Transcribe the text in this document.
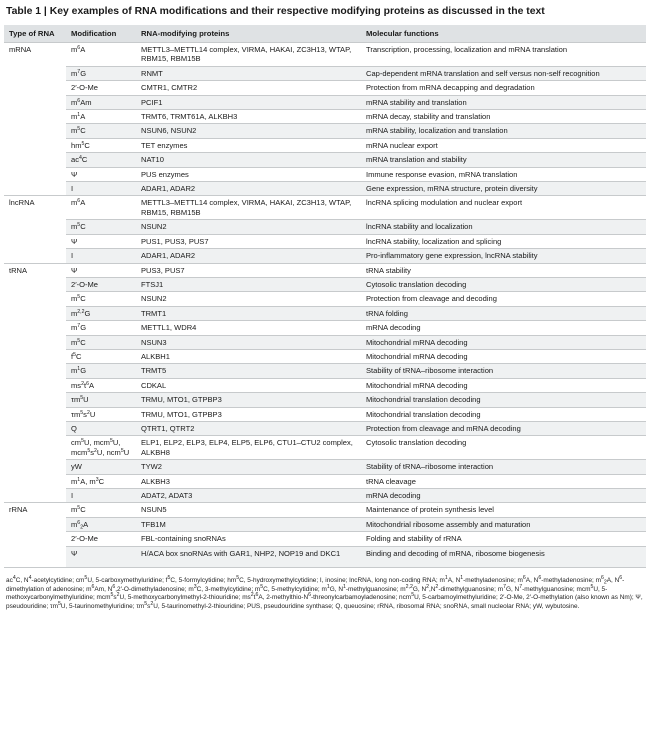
Table 1 | Key examples of RNA modifications and their respective modifying proteins as discussed in the text
Type of RNA	Modification	RNA-modifying proteins	Molecular functions
mRNA	$m^6A$	METTL3–METTL14 complex, VIRMA, HAKAI, ZC3H13, WTAP, RBM15, RBM15B	Transcription, processing, localization and mRNA translation
	$m^7G$	RNMT	Cap-dependent mRNA translation and self versus non-self recognition
	2′-O-Me	CMTR1, CMTR2	Protection from mRNA decapping and degradation
	$m^6Am$	PCIF1	mRNA stability and translation
	$m^1A$	TRMT6, TRMT61A, ALKBH3	mRNA decay, stability and translation
	$m^5C$	NSUN6, NSUN2	mRNA stability, localization and translation
	$hm^5C$	TET enzymes	mRNA nuclear export
	$ac^4C$	NAT10	mRNA translation and stability
	Ψ	PUS enzymes	Immune response evasion, mRNA translation
	I	ADAR1, ADAR2	Gene expression, mRNA structure, protein diversity
lncRNA	$m^6A$	METTL3–METTL14 complex, VIRMA, HAKAI, ZC3H13, WTAP, RBM15, RBM15B	lncRNA splicing modulation and nuclear export
	$m^5C$	NSUN2	lncRNA stability and localization
	Ψ	PUS1, PUS3, PUS7	lncRNA stability, localization and splicing
	I	ADAR1, ADAR2	Pro-inflammatory gene expression, lncRNA stability
tRNA	Ψ	PUS3, PUS7	tRNA stability
	2′-O-Me	FTSJ1	Cytosolic translation decoding
	$m^5C$	NSUN2	Protection from cleavage and decoding
	$m^{2,2}G$	TRMT1	tRNA folding
	$m^7G$	METTL1, WDR4	mRNA decoding
	$m^5C$	NSUN3	Mitochondrial mRNA decoding
	$f^5C$	ALKBH1	Mitochondrial mRNA decoding
	$m^1G$	TRMT5	Stability of tRNA–ribosome interaction
	$ms^2t^6A$	CDKAL	Mitochondrial mRNA decoding
	$\tau m^5U$	TRMU, MTO1, GTPBP3	Mitochondrial translation decoding
	$\tau m^5s^2U$	TRMU, MTO1, GTPBP3	Mitochondrial translation decoding
	Q	QTRT1, QTRT2	Protection from cleavage and mRNA decoding
	$cm^5U$, mcm$^5$U, $mcm^5s^2U$, ncm$^5$U	ELP1, ELP2, ELP3, ELP4, ELP5, ELP6, CTU1–CTU2 complex, ALKBH8	Cytosolic translation decoding
	yW	TYW2	Stability of tRNA–ribosome interaction
	$m^1A$, $m^3C$	ALKBH3	tRNA cleavage
	I	ADAT2, ADAT3	mRNA decoding
rRNA	$m^5C$	NSUN5	Maintenance of protein synthesis level
	$m^6_2A$	TFB1M	Mitochondrial ribosome assembly and maturation
	2′-O-Me	FBL-containing snoRNAs	Folding and stability of rRNA
	Ψ	H/ACA box snoRNAs with GAR1, NHP2, NOP19 and DKC1	Binding and decoding of mRNA, ribosome biogenesis
$ac^4C$, $N^4$-acetylcytidine; $cm^5U$, 5-carboxymethyluridine; $f^5C$, 5-formylcytidine; $hm^5C$, 5-hydroxymethylcytidine; I, inosine; lncRNA, long non-coding RNA; $m^1A$, $N^1$-methyladenosine; $m^6A$, $N^6$-methyladenosine; $m^6_2A$, $N^6$-dimethylation of adenosine; $m^6Am$, $N^6,2'-O$-dimethyladenosine; $m^3C$, 3-methylcytidine; $m^5C$, 5-methylcytidine; $m^1G$, $N^1$-methylguanosine; $m^{2,2}G$, $N^2,N^2$-dimethylguanosine; $m^7G$, $N^7$-methylguanosine; mcm$^5$U, 5-methoxycarbonylmethyluridine; $mcm^5s^2U$, 5-methoxycarbonylmethyl-2-thiouridine; $ms^2t^6A$, $2-methylthio-N^6$-threonylcarbamoyladenosine; ncm$^5$U, 5-carbamoylmethyluridine; 2′-O-Me, 2′-O-methylation (also known as Nm); Ψ, pseudouridine; $\tau m^5U$, 5-taurinomethyluridine; $\tau m^5s^2U$, 5-taurinomethyl-2-thiouridine; PUS, pseudouridine synthase; Q, queuosine; rRNA, ribosomal RNA; snoRNA, small nucleolar RNA; yW, wybutosine.
